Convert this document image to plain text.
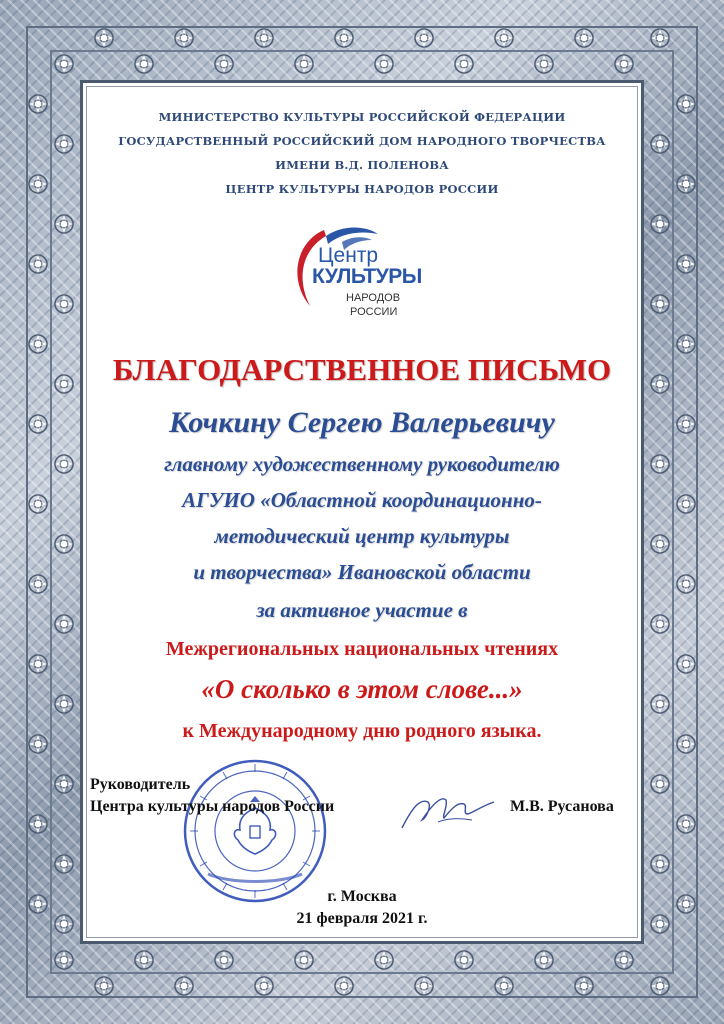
МИНИСТЕРСТВО КУЛЬТУРЫ РОССИЙСКОЙ ФЕДЕРАЦИИ
ГОСУДАРСТВЕННЫЙ РОССИЙСКИЙ ДОМ НАРОДНОГО ТВОРЧЕСТВА
ИМЕНИ В.Д. ПОЛЕНОВА
ЦЕНТР КУЛЬТУРЫ НАРОДОВ РОССИИ
Центр
КУЛЬТУРЫ
НАРОДОВ
РОССИИ
БЛАГОДАРСТВЕННОЕ ПИСЬМО
Кочкину Сергею Валерьевичу
главному художественному руководителю
АГУИО «Областной координационно-
методический центр культуры
и творчества» Ивановской области
за активное участие в
Межрегиональных национальных чтениях
«О сколько в этом слове...»
к Международному дню родного языка.
Руководитель
Центра культуры народов России	М.В. Русанова
г. Москва
21 февраля 2021 г.
